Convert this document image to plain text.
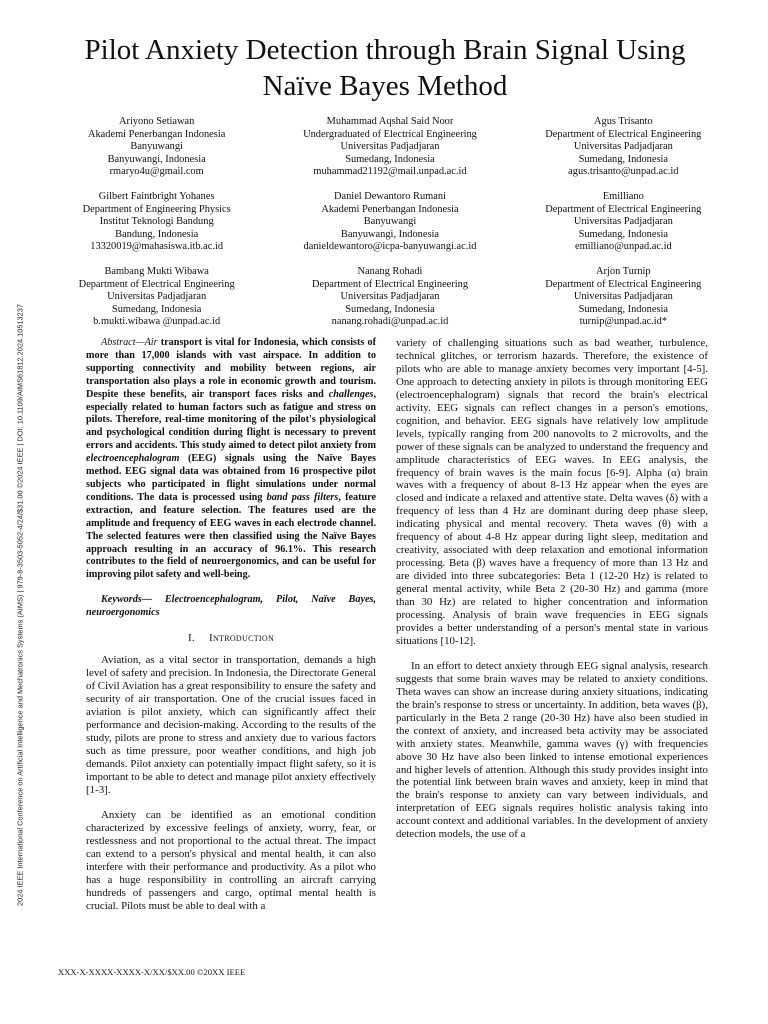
2024 IEEE International Conference on Artificial Intelligence and Mechatronics Systems (AIMS) | 979-8-3503-5052-4/24/$31.00 ©2024 IEEE | DOI: 10.1109/AIMS61812.2024.10513237
Pilot Anxiety Detection through Brain Signal Using
Naïve Bayes Method
Ariyono Setiawan
Akademi Penerbangan Indonesia
Banyuwangi
Banyuwangi, Indonesia
rmaryo4u@gmail.com
Muhammad Aqshal Said Noor
Undergraduated of Electrical Engineering
Universitas Padjadjaran
Sumedang, Indonesia
muhammad21192@mail.unpad.ac.id
Agus Trisanto
Department of Electrical Engineering
Universitas Padjadjaran
Sumedang, Indonesia
agus.trisanto@unpad.ac.id
Gilbert Faintbright Yohanes
Department of Engineering Physics
Institut Teknologi Bandung
Bandung, Indonesia
13320019@mahasiswa.itb.ac.id
Daniel Dewantoro Rumani
Akademi Penerbangan Indonesia
Banyuwangi
Banyuwangi, Indonesia
danieldewantoro@icpa-banyuwangi.ac.id
Emilliano
Department of Electrical Engineering
Universitas Padjadjaran
Sumedang, Indonesia
emilliano@unpad.ac.id
Bambang Mukti Wibawa
Department of Electrical Engineering
Universitas Padjadjaran
Sumedang, Indonesia
b.mukti.wibawa @unpad.ac.id
Nanang Rohadi
Department of Electrical Engineering
Universitas Padjadjaran
Sumedang, Indonesia
nanang.rohadi@unpad.ac.id
Arjon Turnip
Department of Electrical Engineering
Universitas Padjadjaran
Sumedang, Indonesia
turnip@unpad.ac.id*
Abstract—Air transport is vital for Indonesia, which consists of more than 17,000 islands with vast airspace. In addition to supporting connectivity and mobility between regions, air transportation also plays a role in economic growth and tourism. Despite these benefits, air transport faces risks and challenges, especially related to human factors such as fatigue and stress on pilots. Therefore, real-time monitoring of the pilot's physiological and psychological condition during flight is necessary to prevent errors and accidents. This study aimed to detect pilot anxiety from electroencephalogram (EEG) signals using the Naïve Bayes method. EEG signal data was obtained from 16 prospective pilot subjects who participated in flight simulations under normal conditions. The data is processed using band pass filters, feature extraction, and feature selection. The features used are the amplitude and frequency of EEG waves in each electrode channel. The selected features were then classified using the Naïve Bayes approach resulting in an accuracy of 96.1%. This research contributes to the field of neuroergonomics, and can be useful for improving pilot safety and well-being.
Keywords— Electroencephalogram, Pilot, Naïve Bayes, neuroergonomics
I. Introduction

Aviation, as a vital sector in transportation, demands a high level of safety and precision. In Indonesia, the Directorate General of Civil Aviation has a great responsibility to ensure the safety and security of air transportation. One of the crucial issues faced in aviation is pilot anxiety, which can significantly affect their performance and decision-making. According to the results of the study, pilots are prone to stress and anxiety due to various factors such as time pressure, poor weather conditions, and high job demands. Pilot anxiety can potentially impact flight safety, so it is important to be able to detect and manage pilot anxiety effectively [1-3].

Anxiety can be identified as an emotional condition characterized by excessive feelings of anxiety, worry, fear, or restlessness and not proportional to the actual threat. The impact can extend to a person's physical and mental health, it can also interfere with their performance and productivity. As a pilot who has a huge responsibility in controlling an aircraft carrying hundreds of passengers and cargo, optimal mental health is crucial. Pilots must be able to deal with a

variety of challenging situations such as bad weather, turbulence, technical glitches, or terrorism hazards. Therefore, the existence of pilots who are able to manage anxiety becomes very important [4-5]. One approach to detecting anxiety in pilots is through monitoring EEG (electroencephalogram) signals that record the brain's electrical activity. EEG signals can reflect changes in a person's emotions, cognition, and behavior. EEG signals have relatively low amplitude levels, typically ranging from 200 nanovolts to 2 microvolts, and the power of these signals can be analyzed to understand the frequency and amplitude characteristics of EEG waves. In EEG analysis, the frequency of brain waves is the main focus [6-9]. Alpha (α) brain waves with a frequency of about 8-13 Hz appear when the eyes are closed and indicate a relaxed and attentive state. Delta waves (δ) with a frequency of less than 4 Hz are dominant during deep phase sleep, indicating physical and mental recovery. Theta waves (θ) with a frequency of about 4-8 Hz appear during light sleep, meditation and creativity, associated with deep relaxation and emotional information processing. Beta (β) waves have a frequency of more than 13 Hz and are divided into three subcategories: Beta 1 (12-20 Hz) is related to general mental activity, while Beta 2 (20-30 Hz) and gamma (more than 30 Hz) are related to higher concentration and information processing. Analysis of brain wave frequencies in EEG signals provides a better understanding of a person's mental state in various situations [10-12].

In an effort to detect anxiety through EEG signal analysis, research suggests that some brain waves may be related to anxiety conditions. Theta waves can show an increase during anxiety situations, indicating the brain's response to stress or uncertainty. In addition, beta waves (β), particularly in the Beta 2 range (20-30 Hz) have also been studied in the context of anxiety, and increased beta activity may be associated with anxiety states. Meanwhile, gamma waves (γ) with frequencies above 30 Hz have also been linked to intense emotional experiences and higher levels of attention. Although this study provides insight into the potential link between brain waves and anxiety, keep in mind that the brain's response to anxiety can vary between individuals, and interpretation of EEG signals requires holistic analysis taking into account context and additional variables. In the development of anxiety detection models, the use of a

XXX-X-XXXX-XXXX-X/XX/$XX.00 ©20XX IEEE
